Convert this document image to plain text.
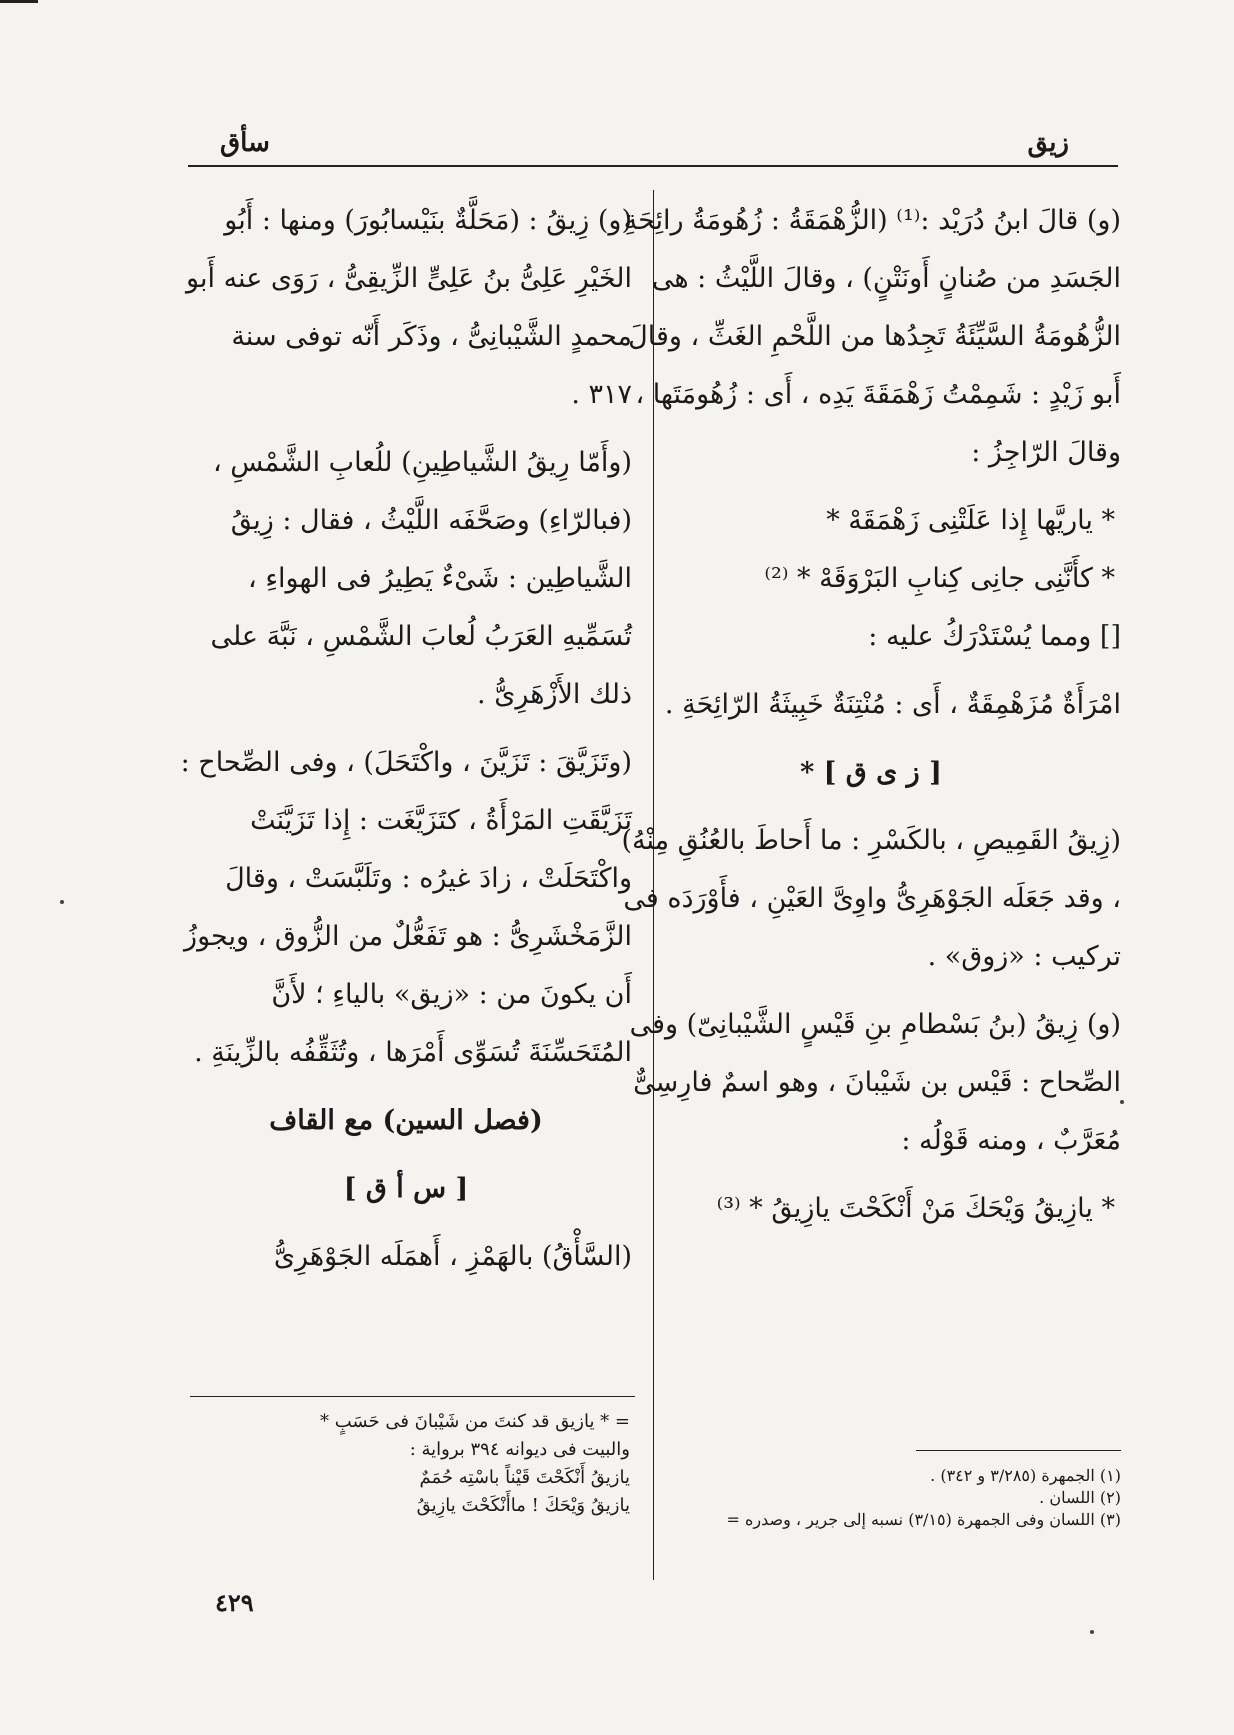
زيق
سأق

(و) قالَ ابنُ دُرَيْد :⁽¹⁾ (الزُّهْمَقَةُ : زُهُومَةُ رائِحَةِ الجَسَدِ من صُنانٍ أَونَتْنٍ) ، وقالَ اللَّيْثُ : هى الزُّهُومَةُ السَّيِّئَةُ تَجِدُها من اللَّحْمِ الغَثِّ ، وقالَ أَبو زَيْدٍ : شَمِمْتُ زَهْمَقَةَ يَدِه ، أَى : زُهُومَتَها ، وقالَ الرّاجِزُ :

* ياريَّها إِذا عَلَتْنِى زَهْمَقَهْ *

* كأَنَّنِى جانِى كِنابِ البَرْوَقَهْ * ⁽²⁾

[] ومما يُسْتَدْرَكُ عليه :

امْرَأَةٌ مُزَهْمِقَةٌ ، أَى : مُنْتِنَةٌ خَبِيثَةُ الرّائِحَةِ .

[ ز ى ق ] *

(زِيقُ القَمِيصِ ، بالكَسْرِ : ما أَحاطَ بالعُنُقِ مِنْهُ) ، وقد جَعَلَه الجَوْهَرِىُّ واوِىَّ العَيْنِ ، فأَوْرَدَه فى تركيب : «زوق» .

(و) زِيقُ (بنُ بَسْطامِ بنِ قَيْسٍ الشَّيْبانِىّ) وفى الصِّحاح : قَيْس بن شَيْبانَ ، وهو اسمٌ فارِسِىٌّ مُعَرَّبٌ ، ومنه قَوْلُه :

* يازِيقُ وَيْحَكَ مَنْ أَنْكَحْتَ يازِيقُ * ⁽³⁾

(و) زِيقُ : (مَحَلَّةٌ بنَيْسابُورَ) ومنها : أَبُو الخَيْرِ عَلِىُّ بنُ عَلِىٍّ الزِّيقِىُّ ، رَوَى عنه أَبو محمدٍ الشَّيْبانِىُّ ، وذَكَر أَنّه توفى سنة ٣١٧ .

(وأَمّا رِيقُ الشَّياطِينِ) للُعابِ الشَّمْسِ ، (فبالرّاءِ) وصَحَّفَه اللَّيْثُ ، فقال : زِيقُ الشَّياطِين : شَىْءٌ يَطِيرُ فى الهواءِ ، تُسَمِّيهِ العَرَبُ لُعابَ الشَّمْسِ ، نَبَّهَ على ذلك الأَزْهَرِىُّ .

(وتَزَيَّقَ : تَزَيَّنَ ، واكْتَحَلَ) ، وفى الصِّحاح : تَزَيَّقَتِ المَرْأَةُ ، كتَزَيَّغَت : إِذا تَزَيَّنَتْ واكْتَحَلَتْ ، زادَ غيرُه : وتَلَبَّسَتْ ، وقالَ الزَّمَخْشَرِىُّ : هو تَفَعُّلٌ من الزُّوق ، ويجوزُ أَن يكونَ من : «زيق» بالياءِ ؛ لأَنَّ المُتَحَسِّنَةَ تُسَوِّى أَمْرَها ، وتُثَقِّفُه بالزِّينَةِ .

(فصل السين) مع القاف

[ س أ ق ]

(السَّأْقُ) بالهَمْزِ ، أَهمَلَه الجَوْهَرِىُّ

(١) الجمهرة (٣/٢٨٥ و ٣٤٢) .

(٢) اللسان .

(٣) اللسان وفى الجمهرة (٣/١٥) نسبه إلى جرير ، وصدره =

= * يازيق قد كنتَ من شَيْبانَ فى حَسَبٍ *

والبيت فى ديوانه ٣٩٤ برواية :

يازيقُ أَنْكَحْتَ قَيْناً باسْتِه حُمَمٌ

يازيقُ وَيْحَكَ ! ماأَنْكَحْتَ يازِيقُ

٤٢٩
